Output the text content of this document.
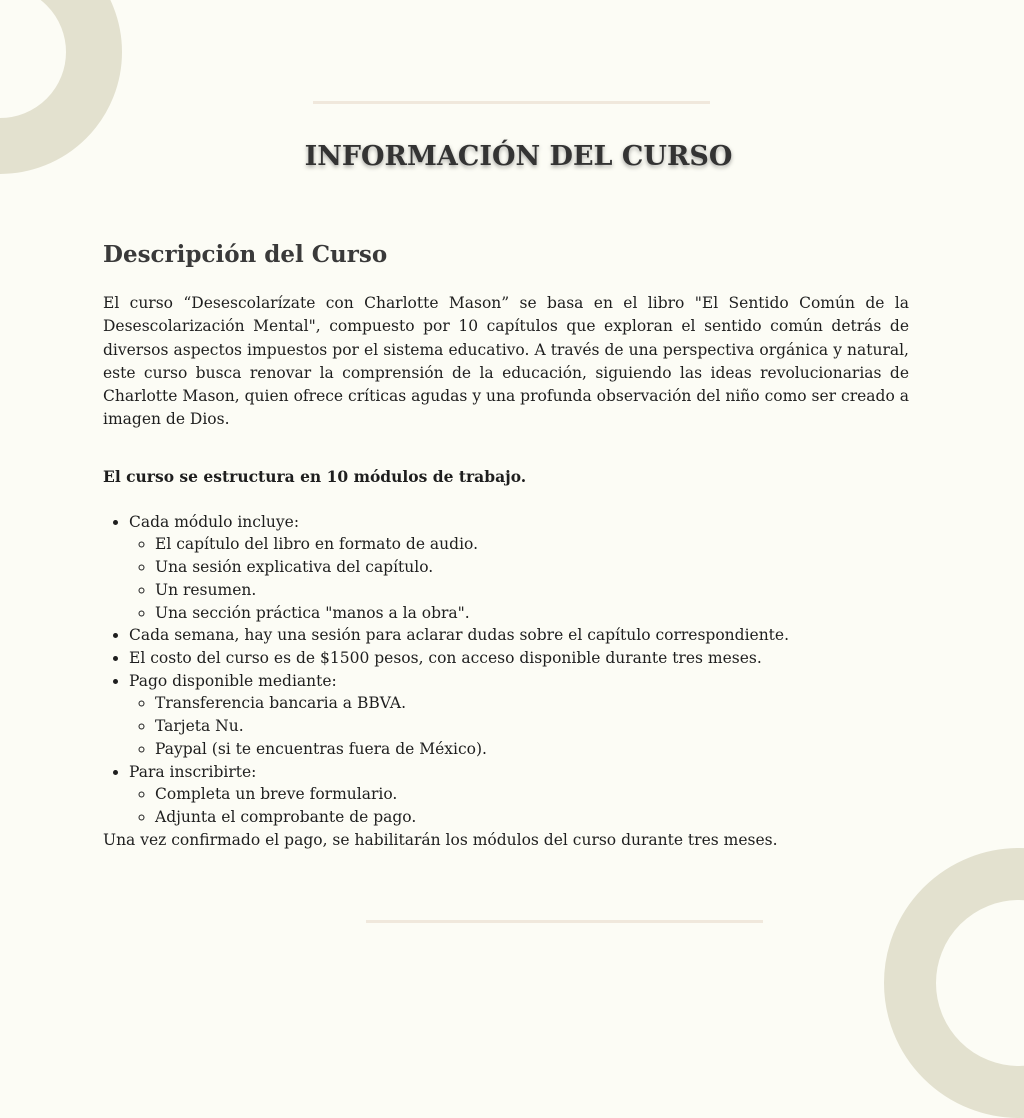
INFORMACIÓN DEL CURSO
Descripción del Curso

El curso “Desescolarízate con Charlotte Mason” se basa en el libro "El Sentido Común de la Desescolarización Mental", compuesto por 10 capítulos que exploran el sentido común detrás de diversos aspectos impuestos por el sistema educativo. A través de una perspectiva orgánica y natural, este curso busca renovar la comprensión de la educación, siguiendo las ideas revolucionarias de Charlotte Mason, quien ofrece críticas agudas y una profunda observación del niño como ser creado a imagen de Dios.

El curso se estructura en 10 módulos de trabajo.

• Cada módulo incluye:
◦ El capítulo del libro en formato de audio.
◦ Una sesión explicativa del capítulo.
◦ Un resumen.
◦ Una sección práctica "manos a la obra".
• Cada semana, hay una sesión para aclarar dudas sobre el capítulo correspondiente.
• El costo del curso es de $1500 pesos, con acceso disponible durante tres meses.
• Pago disponible mediante:
◦ Transferencia bancaria a BBVA.
◦ Tarjeta Nu.
◦ Paypal (si te encuentras fuera de México).
• Para inscribirte:
◦ Completa un breve formulario.
◦ Adjunta el comprobante de pago.

Una vez confirmado el pago, se habilitarán los módulos del curso durante tres meses.
